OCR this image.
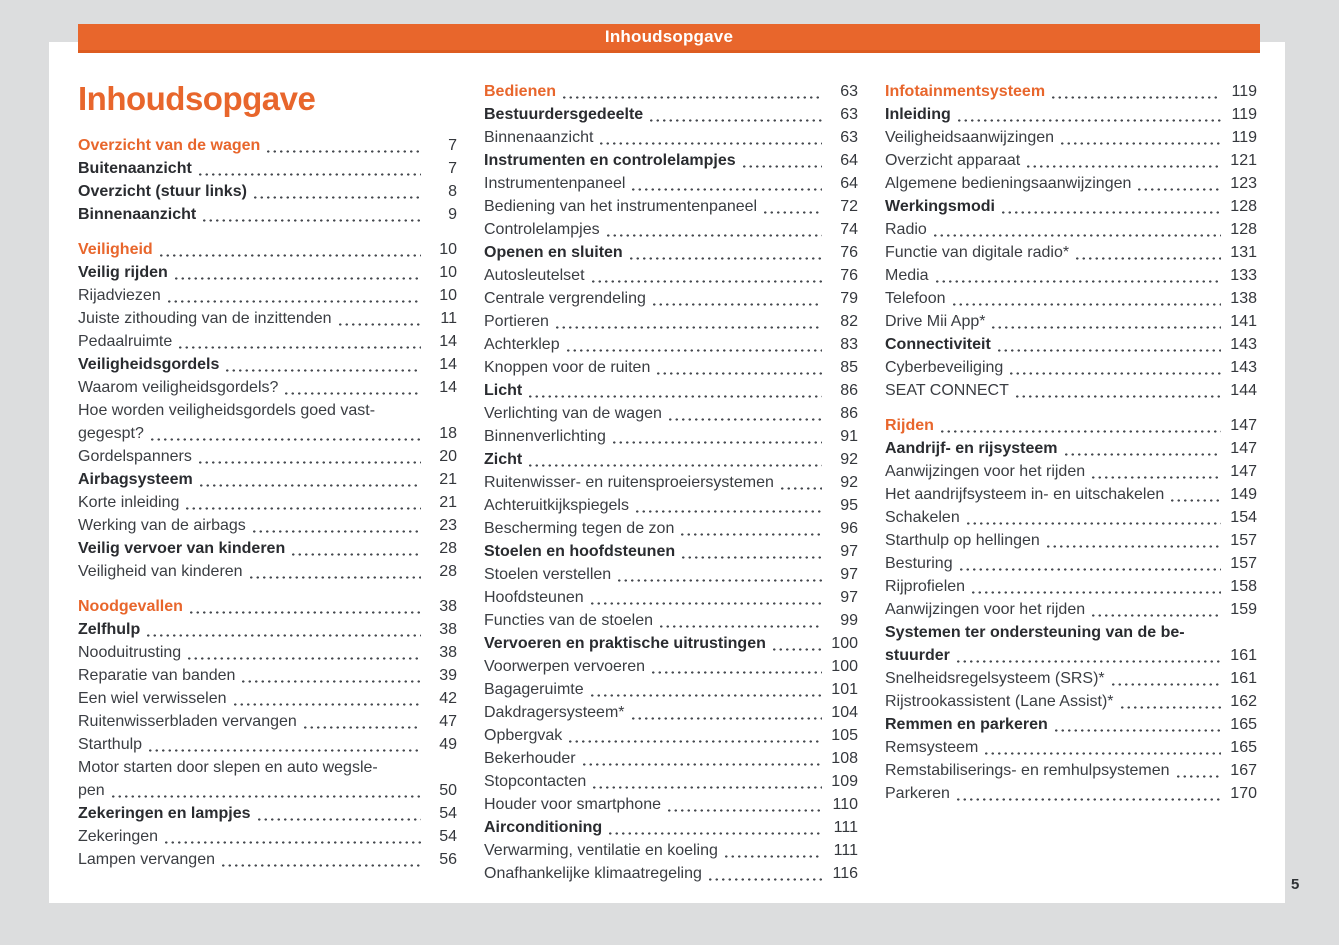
Inhoudsopgave
Overzicht van de wagen	7
Buitenaanzicht	7
Overzicht (stuur links)	8
Binnenaanzicht	9
Veiligheid	10
Veilig rijden	10
Rijadviezen	10
Juiste zithouding van de inzittenden	11
Pedaalruimte	14
Veiligheidsgordels	14
Waarom veiligheidsgordels?	14
Hoe worden veiligheidsgordels goed vast-
gegespt?	18
Gordelspanners	20
Airbagsysteem	21
Korte inleiding	21
Werking van de airbags	23
Veilig vervoer van kinderen	28
Veiligheid van kinderen	28
Noodgevallen	38
Zelfhulp	38
Nooduitrusting	38
Reparatie van banden	39
Een wiel verwisselen	42
Ruitenwisserbladen vervangen	47
Starthulp	49
Motor starten door slepen en auto wegsle-
pen	50
Zekeringen en lampjes	54
Zekeringen	54
Lampen vervangen	56
Bedienen	63
Bestuurdersgedeelte	63
Binnenaanzicht	63
Instrumenten en controlelampjes	64
Instrumentenpaneel	64
Bediening van het instrumentenpaneel	72
Controlelampjes	74
Openen en sluiten	76
Autosleutelset	76
Centrale vergrendeling	79
Portieren	82
Achterklep	83
Knoppen voor de ruiten	85
Licht	86
Verlichting van de wagen	86
Binnenverlichting	91
Zicht	92
Ruitenwisser- en ruitensproeiersystemen	92
Achteruitkijkspiegels	95
Bescherming tegen de zon	96
Stoelen en hoofdsteunen	97
Stoelen verstellen	97
Hoofdsteunen	97
Functies van de stoelen	99
Vervoeren en praktische uitrustingen	100
Voorwerpen vervoeren	100
Bagageruimte	101
Dakdragersysteem*	104
Opbergvak	105
Bekerhouder	108
Stopcontacten	109
Houder voor smartphone	110
Airconditioning	111
Verwarming, ventilatie en koeling	111
Onafhankelijke klimaatregeling	116
Infotainmentsysteem	119
Inleiding	119
Veiligheidsaanwijzingen	119
Overzicht apparaat	121
Algemene bedieningsaanwijzingen	123
Werkingsmodi	128
Radio	128
Functie van digitale radio*	131
Media	133
Telefoon	138
Drive Mii App*	141
Connectiviteit	143
Cyberbeveiliging	143
SEAT CONNECT	144
Rijden	147
Aandrijf- en rijsysteem	147
Aanwijzingen voor het rijden	147
Het aandrijfsysteem in- en uitschakelen	149
Schakelen	154
Starthulp op hellingen	157
Besturing	157
Rijprofielen	158
Aanwijzingen voor het rijden	159
Systemen ter ondersteuning van de be-
stuurder	161
Snelheidsregelsysteem (SRS)*	161
Rijstrookassistent (Lane Assist)*	162
Remmen en parkeren	165
Remsysteem	165
Remstabiliserings- en remhulpsystemen	167
Parkeren	170
Inhoudsopgave
5
